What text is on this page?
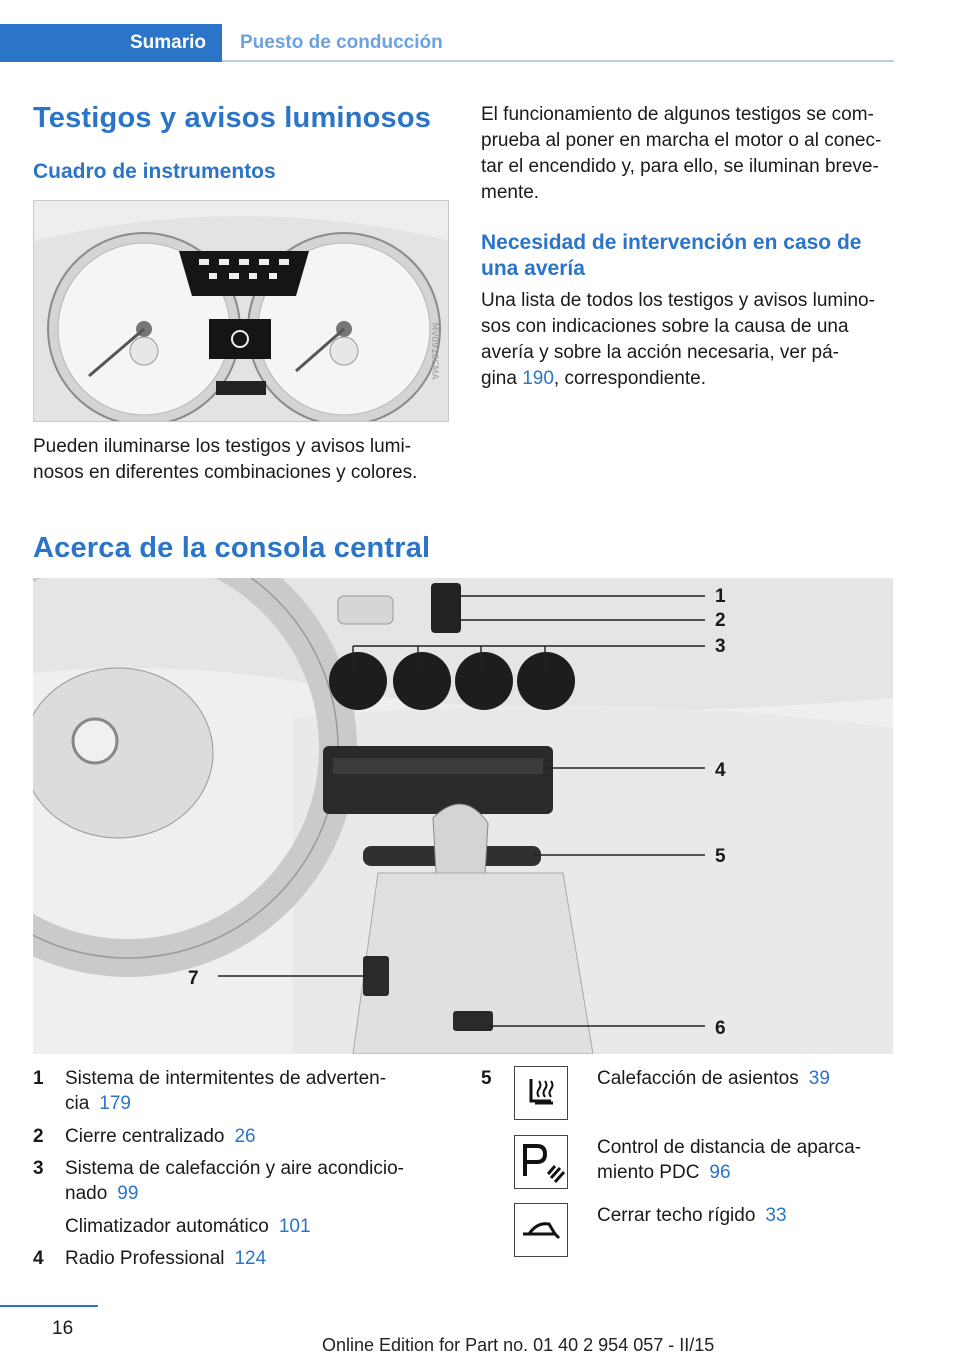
Sumario	Puesto de conducción
Testigos y avisos luminosos
Cuadro de instrumentos
MV0918CMA
Pueden iluminarse los testigos y avisos lumi‐
nosos en diferentes combinaciones y colores.
El funcionamiento de algunos testigos se com‐
prueba al poner en marcha el motor o al conec‐
tar el encendido y, para ello, se iluminan breve‐
mente.
Necesidad de intervención en caso de
una avería
Una lista de todos los testigos y avisos lumino‐
sos con indicaciones sobre la causa de una
avería y sobre la acción necesaria, ver pá‐
gina 190, correspondiente.
Acerca de la consola central
1
2
3
4
5
6
7
1 Sistema de intermitentes de adverten‐
cia 179
2 Cierre centralizado 26
3 Sistema de calefacción y aire acondicio‐
nado 99
Climatizador automático 101
4 Radio Professional 124
5	Calefacción de asientos 39
Control de distancia de aparca‐
miento PDC 96
Cerrar techo rígido 33
16
Online Edition for Part no. 01 40 2 954 057 - II/15
